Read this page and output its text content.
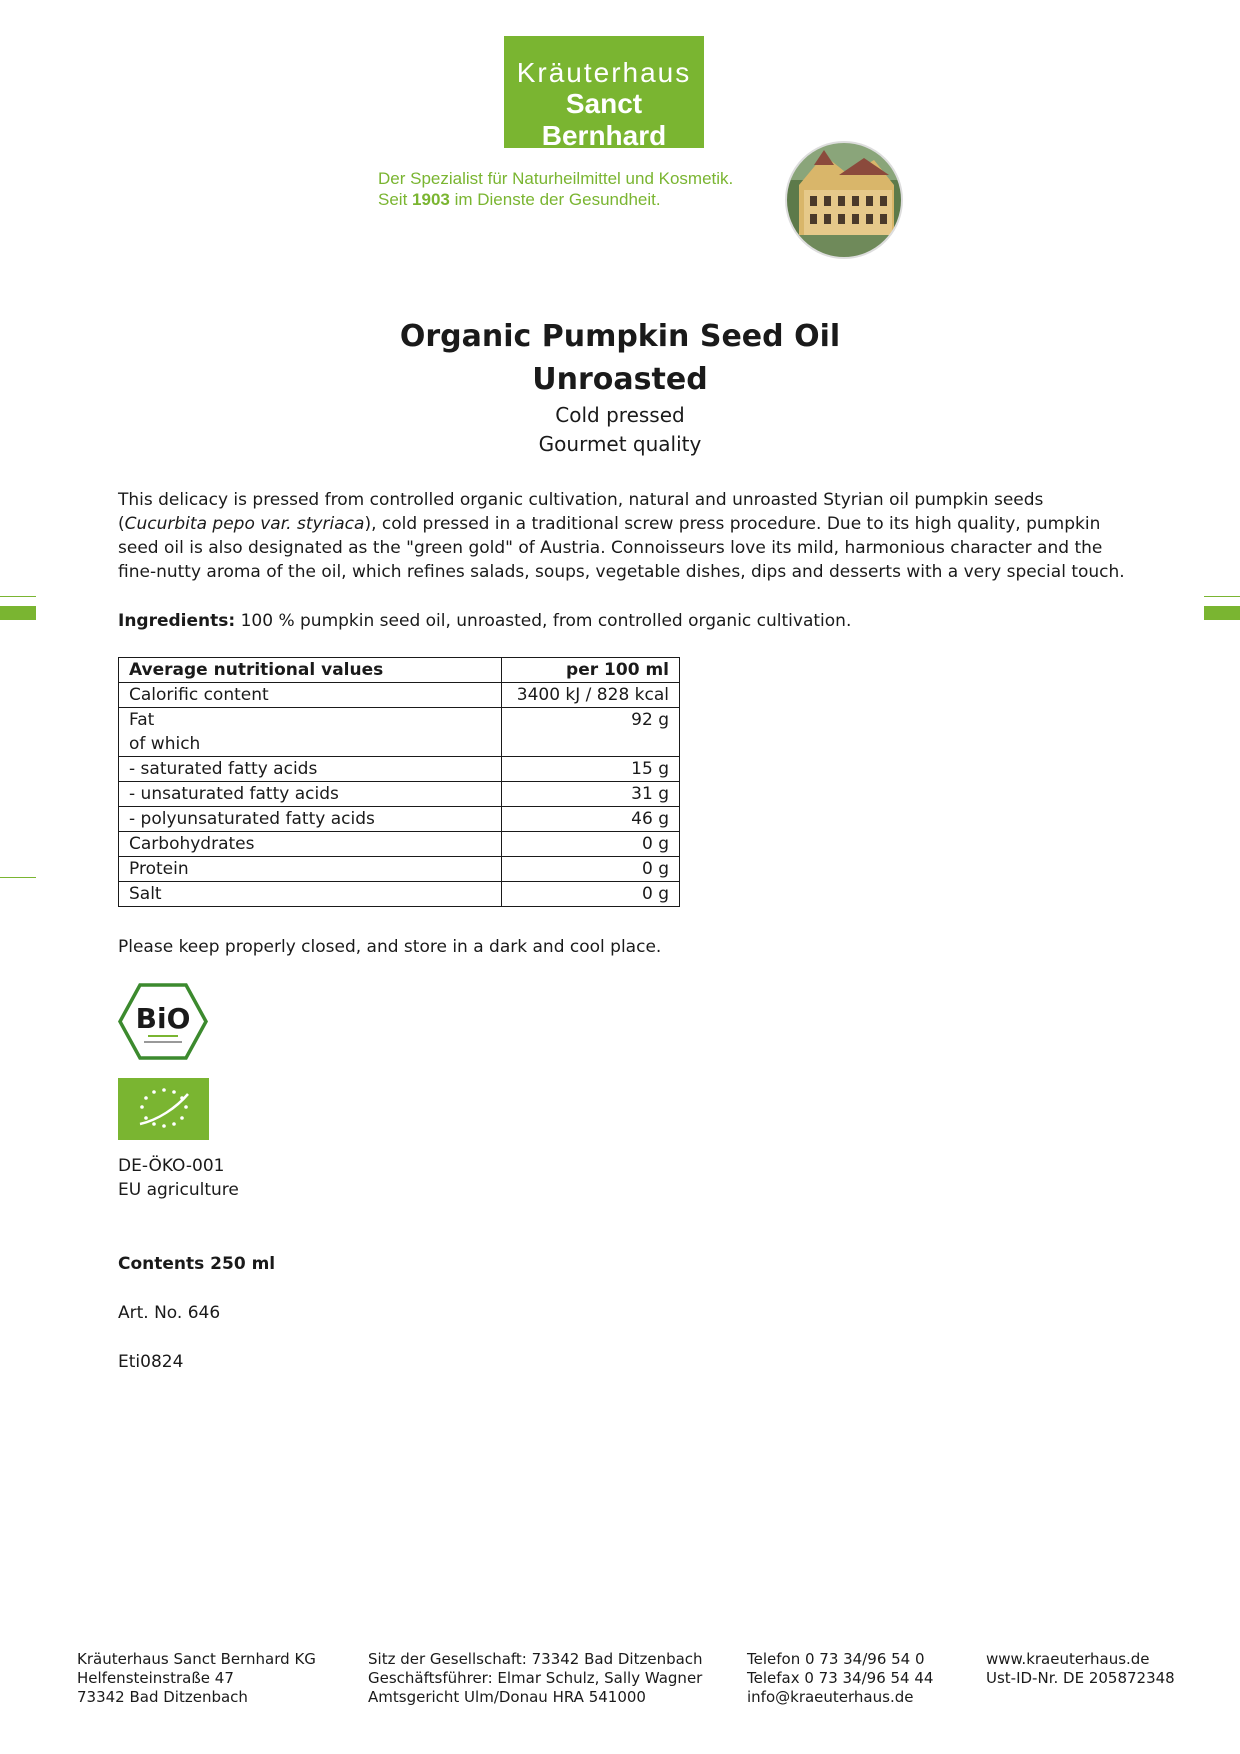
Kräuterhaus
Sanct Bernhard
Der Spezialist für Naturheilmittel und Kosmetik.
Seit 1903 im Dienste der Gesundheit.
Organic Pumpkin Seed Oil
Unroasted
Cold pressed
Gourmet quality
This delicacy is pressed from controlled organic cultivation, natural and unroasted Styrian oil pumpkin seeds (Cucurbita pepo var. styriaca), cold pressed in a traditional screw press procedure. Due to its high quality, pumpkin seed oil is also designated as the "green gold" of Austria. Connoisseurs love its mild, harmonious character and the fine-nutty aroma of the oil, which refines salads, soups, vegetable dishes, dips and desserts with a very special touch.
Ingredients: 100 % pumpkin seed oil, unroasted, from controlled organic cultivation.
Average nutritional values	per 100 ml
Calorific content	3400 kJ / 828 kcal

Fat
of which	92 g
- saturated fatty acids	15 g
- unsaturated fatty acids	31 g
- polyunsaturated fatty acids	46 g
Carbohydrates	0 g
Protein	0 g
Salt	0 g
Please keep properly closed, and store in a dark and cool place.
BiO
DE-ÖKO-001
EU agriculture
Contents 250 ml
Art. No. 646
Eti0824
Kräuterhaus Sanct Bernhard KG
Helfensteinstraße 47
73342 Bad Ditzenbach
Sitz der Gesellschaft: 73342 Bad Ditzenbach
Geschäftsführer: Elmar Schulz, Sally Wagner
Amtsgericht Ulm/Donau HRA 541000
Telefon 0 73 34/96 54 0
Telefax 0 73 34/96 54 44
info@kraeuterhaus.de
www.kraeuterhaus.de
Ust-ID-Nr. DE 205872348
